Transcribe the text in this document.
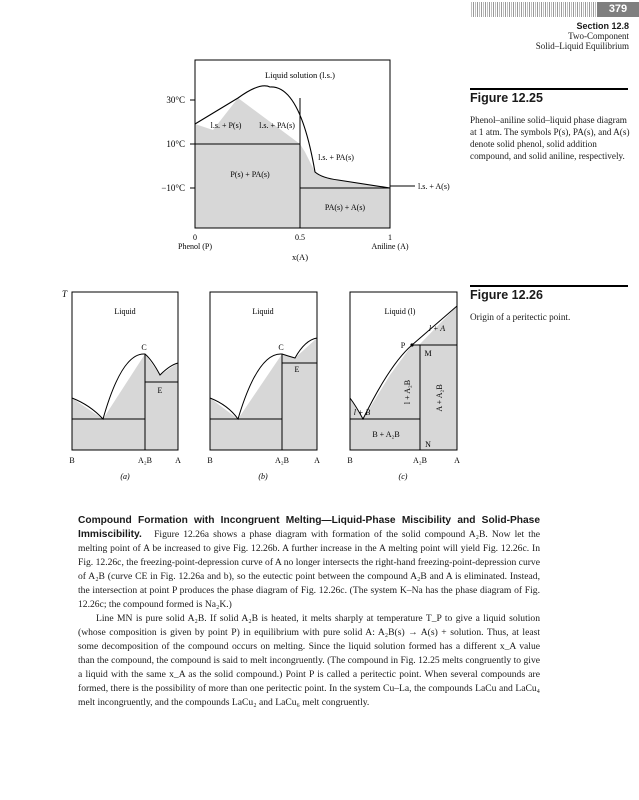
379
Section 12.8
Two-Component
Solid–Liquid Equilibrium
Figure 12.25
Phenol–aniline solid–liquid phase diagram at 1 atm. The symbols P(s), PA(s), and A(s) denote solid phenol, solid addition compound, and solid aniline, respectively.
30°C
10°C
−10°C
Liquid solution (l.s.)
l.s. + P(s) l.s. + PA(s)
P(s) + PA(s)
l.s. + PA(s)
l.s. + A(s)
PA(s) + A(s)
0	0.5	1
Phenol (P)	Aniline (A)
x(A)
Figure 12.26
Origin of a peritectic point.
T
Liquid
C
E
B	A₂B	A
(a)
Liquid
C
E
B	A₂B	A
(b)
Liquid (l)
l + A
P
M
l + A₂B	A + A₂B
l + B
B + A₂B
N
B	A₂B	A
(c)

Compound Formation with Incongruent Melting—Liquid-Phase Miscibility and Solid-Phase Immiscibility. Figure 12.26a shows a phase diagram with formation of the solid compound A₂B. Now let the melting point of A be increased to give Fig. 12.26b. A further increase in the A melting point will yield Fig. 12.26c. In Fig. 12.26c, the freezing-point-depression curve of A no longer intersects the right-hand freezing-point-depression curve of A₂B (curve CE in Fig. 12.26a and b), so the eutectic point between the compound A₂B and A is eliminated. Instead, the intersection at point P produces the phase diagram of Fig. 12.26c. (The system K–Na has the phase diagram of Fig. 12.26c; the compound formed is Na₂K.)

Line MN is pure solid A₂B. If solid A₂B is heated, it melts sharply at temperature T_P to give a liquid solution (whose composition is given by point P) in equilibrium with pure solid A: A₂B(s) → A(s) + solution. Thus, at least some decomposition of the compound occurs on melting. Since the liquid solution formed has a different x_A value than the compound, the compound is said to melt incongruently. (The compound in Fig. 12.25 melts congruently to give a liquid with the same x_A as the solid compound.) Point P is called a peritectic point. When several compounds are formed, there is the possibility of more than one peritectic point. In the system Cu–La, the compounds LaCu and LaCu₄ melt incongruently, and the compounds LaCu₂ and LaCu₆ melt congruently.
